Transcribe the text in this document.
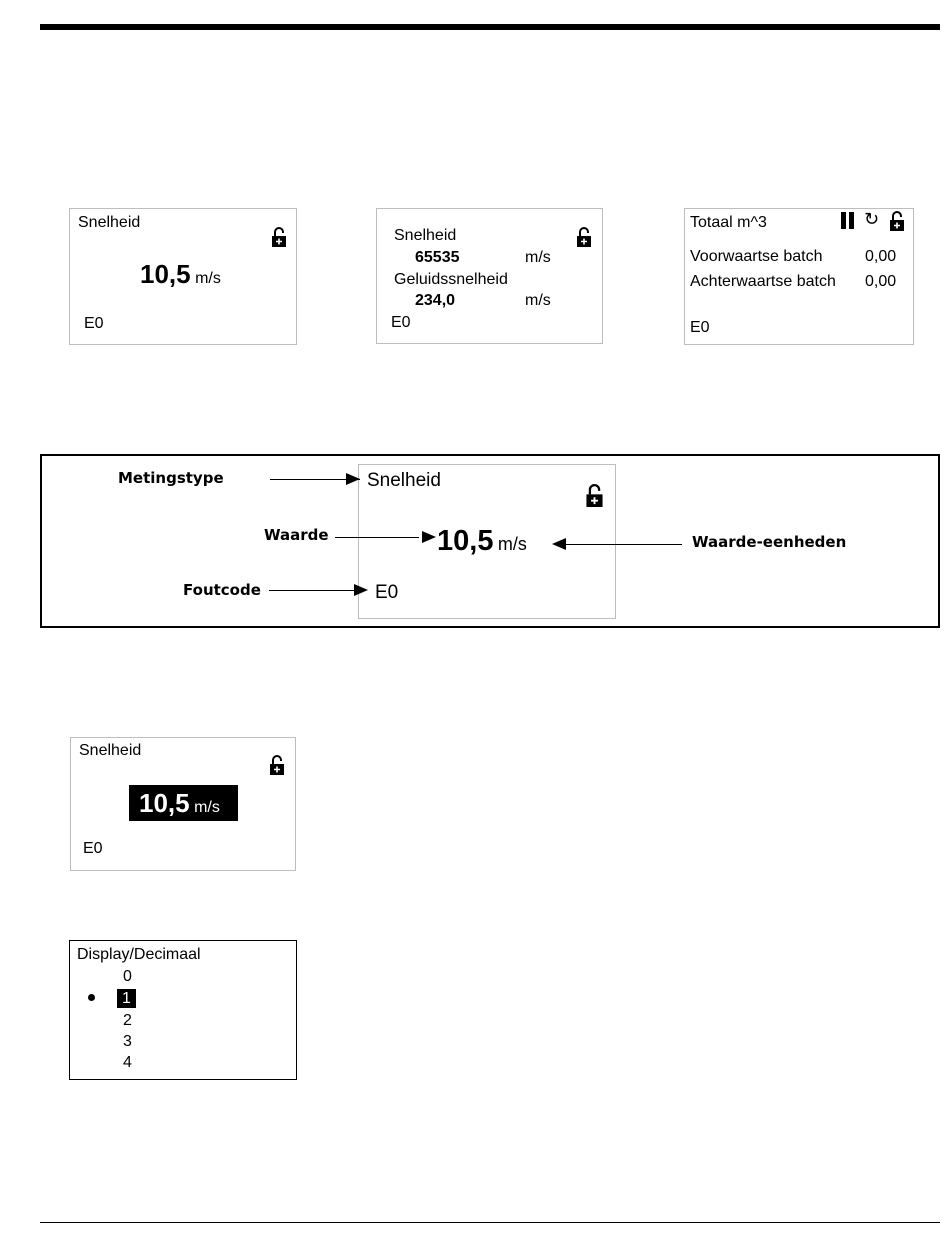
Snelheid
10,5 m/s
E0
Snelheid
65535	m/s
Geluidssnelheid
234,0	m/s
E0
Totaal m^3	↻
Voorwaartse batch	0,00
Achterwaartse batch 0,00
E0
Metingstype
Waarde
Foutcode
Waarde-eenheden
Snelheid
10,5 m/s
E0
Snelheid
10,5 m/s
E0
Display/Decimaal
0
1
2
3
4
